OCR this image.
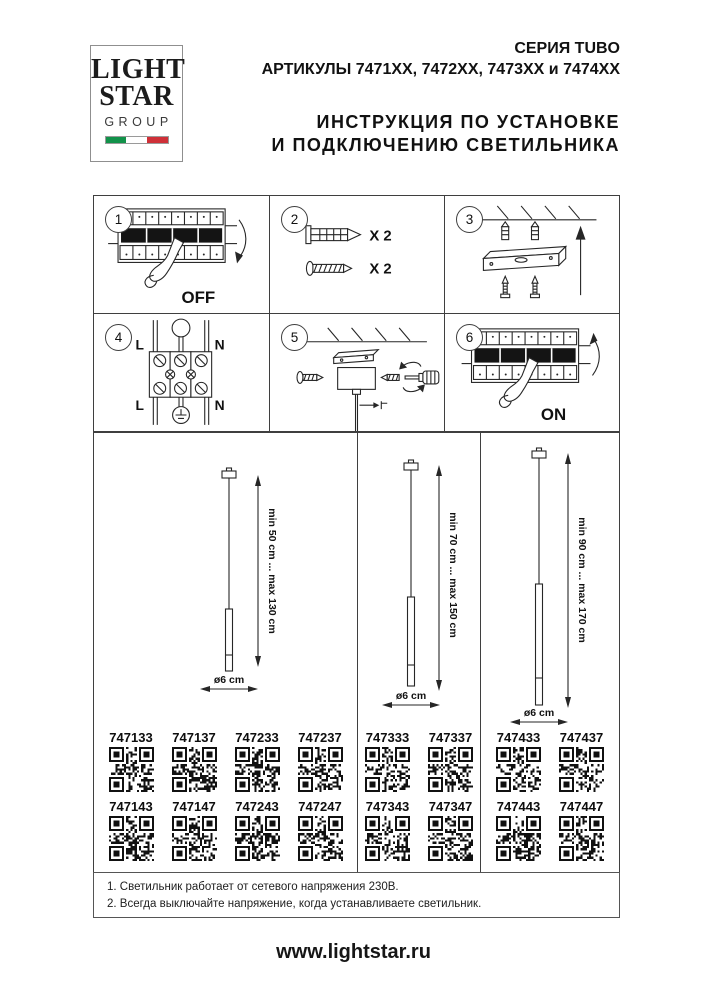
LIGHT
STAR
GROUP
СЕРИЯ TUBO
АРТИКУЛЫ 7471XX, 7472XX, 7473XX и 7474XX
ИНСТРУКЦИЯ ПО УСТАНОВКЕ
И ПОДКЛЮЧЕНИЮ СВЕТИЛЬНИКА
1
OFF
2
X 2
X 2
3
4 L	N
L	N
5	6
ON
min 50 cm ... max 130 cm
ø6 cm
747133 747137 747233 747237
747143 747147 747243 747247
min 70 cm ... max 150 cm
ø6 cm
747333 747337
747343 747347
min 90 cm ... max 170 cm
ø6 cm
747433 747437
747443 747447
1. Светильник работает от сетевого напряжения 230В.
2. Всегда выключайте напряжение, когда устанавливаете светильник.
www.lightstar.ru
